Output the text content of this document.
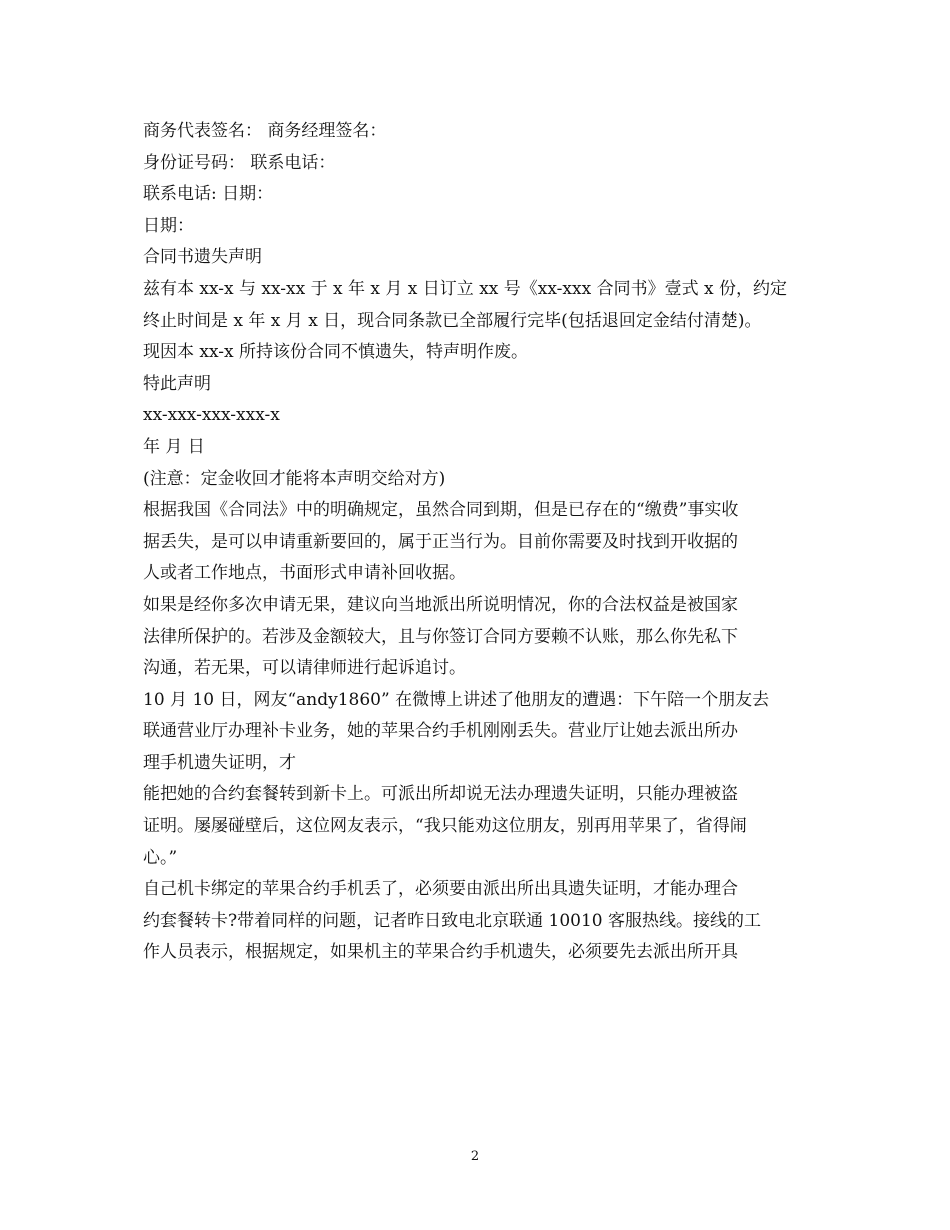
商务代表签名： 商务经理签名：
身份证号码： 联系电话：
联系电话: 日期：
日期：
合同书遗失声明
兹有本 xx-x 与 xx-xx 于 x 年 x 月 x 日订立 xx 号《xx-xxx 合同书》壹式 x 份，约定
终止时间是 x 年 x 月 x 日，现合同条款已全部履行完毕(包括退回定金结付清楚)。
现因本 xx-x 所持该份合同不慎遗失，特声明作废。
特此声明
xx-xxx-xxx-xxx-x
年 月 日
(注意：定金收回才能将本声明交给对方)
根据我国《合同法》中的明确规定，虽然合同到期，但是已存在的“缴费”事实收
据丢失，是可以申请重新要回的，属于正当行为。目前你需要及时找到开收据的
人或者工作地点，书面形式申请补回收据。
如果是经你多次申请无果，建议向当地派出所说明情况，你的合法权益是被国家
法律所保护的。若涉及金额较大，且与你签订合同方要赖不认账，那么你先私下
沟通，若无果，可以请律师进行起诉追讨。
10 月 10 日，网友“andy1860” 在微博上讲述了他朋友的遭遇：下午陪一个朋友去
联通营业厅办理补卡业务，她的苹果合约手机刚刚丢失。营业厅让她去派出所办
理手机遗失证明，才
能把她的合约套餐转到新卡上。可派出所却说无法办理遗失证明，只能办理被盗
证明。屡屡碰壁后，这位网友表示，“我只能劝这位朋友，别再用苹果了，省得闹
心。”
自己机卡绑定的苹果合约手机丢了，必须要由派出所出具遗失证明，才能办理合
约套餐转卡?带着同样的问题，记者昨日致电北京联通 10010 客服热线。接线的工
作人员表示，根据规定，如果机主的苹果合约手机遗失，必须要先去派出所开具
2
